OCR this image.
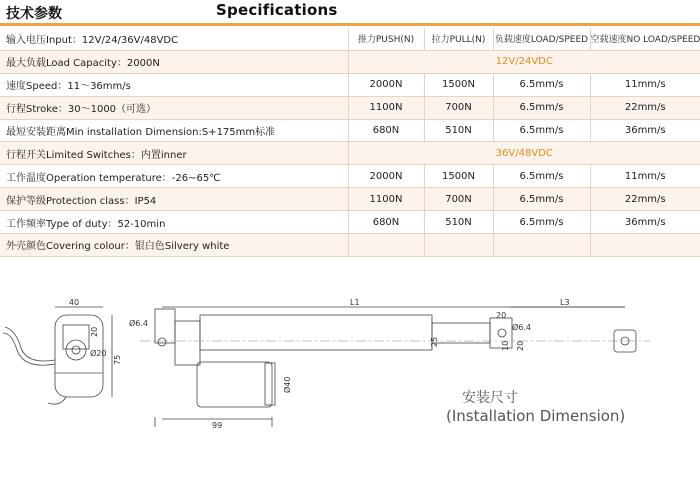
技术参数	Specifications
输入电压Input：12V/24/36V/48VDC	推力PUSH(N)	拉力PULL(N)	负载速度LOAD/SPEED	空载速度NO LOAD/SPEED
最大负载Load Capacity：2000N	12V/24VDC			
速度Speed：11～36mm/s	2000N	1500N	6.5mm/s	11mm/s
行程Stroke：30～1000（可选）	1100N	700N	6.5mm/s	22mm/s
最短安装距离Min installation Dimension:S+175mm标准	680N	510N	6.5mm/s	36mm/s
行程开关Limited Switches：内置inner	36V/48VDC			
工作温度Operation temperature：-26~65℃	2000N	1500N	6.5mm/s	11mm/s
保护等级Protection class：IP54	1100N	700N	6.5mm/s	22mm/s
工作频率Type of duty：52-10min	680N	510N	6.5mm/s	36mm/s
外壳颜色Covering colour：银白色Silvery white				
40
20
Ø20
75
Ø6.4
L1	L3
25
20
Ø6.4
10 20
Ø40
99
安装尺寸
(Installation Dimension)
